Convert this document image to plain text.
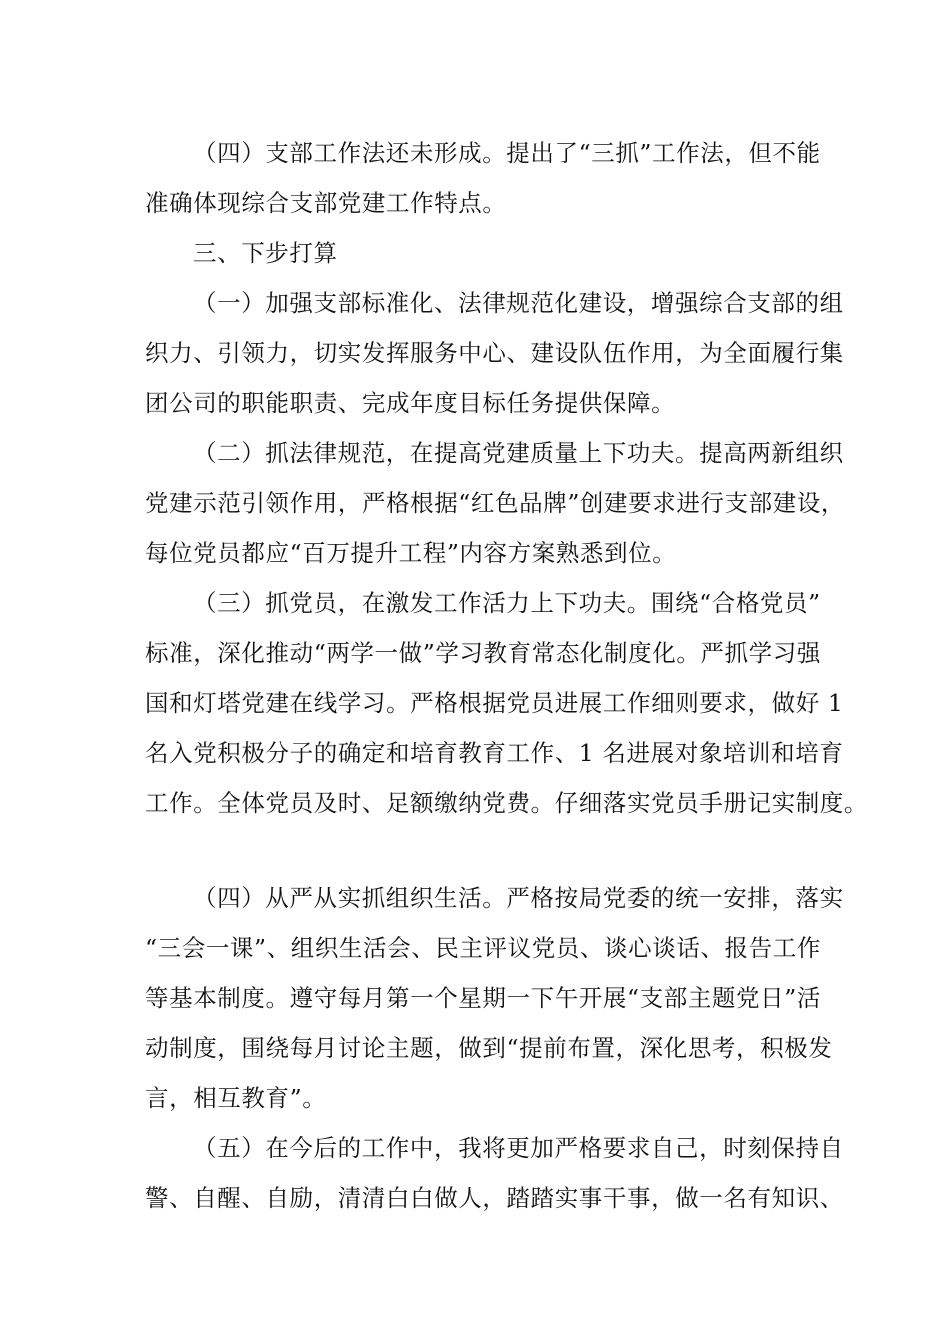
（四）支部工作法还未形成。提出了“三抓”工作法，但不能
准确体现综合支部党建工作特点。
三、下步打算
（一）加强支部标准化、法律规范化建设，增强综合支部的组
织力、引领力，切实发挥服务中心、建设队伍作用，为全面履行集
团公司的职能职责、完成年度目标任务提供保障。
（二）抓法律规范，在提高党建质量上下功夫。提高两新组织
党建示范引领作用，严格根据“红色品牌”创建要求进行支部建设，
每位党员都应“百万提升工程”内容方案熟悉到位。
（三）抓党员，在激发工作活力上下功夫。围绕“合格党员”
标准，深化推动“两学一做”学习教育常态化制度化。严抓学习强
国和灯塔党建在线学习。严格根据党员进展工作细则要求，做好 1
名入党积极分子的确定和培育教育工作、1 名进展对象培训和培育
工作。全体党员及时、足额缴纳党费。仔细落实党员手册记实制度。
（四）从严从实抓组织生活。严格按局党委的统一安排，落实
“三会一课”、组织生活会、民主评议党员、谈心谈话、报告工作
等基本制度。遵守每月第一个星期一下午开展“支部主题党日”活
动制度，围绕每月讨论主题，做到“提前布置，深化思考，积极发
言，相互教育”。
（五）在今后的工作中，我将更加严格要求自己，时刻保持自
警、自醒、自励，清清白白做人，踏踏实事干事，做一名有知识、
